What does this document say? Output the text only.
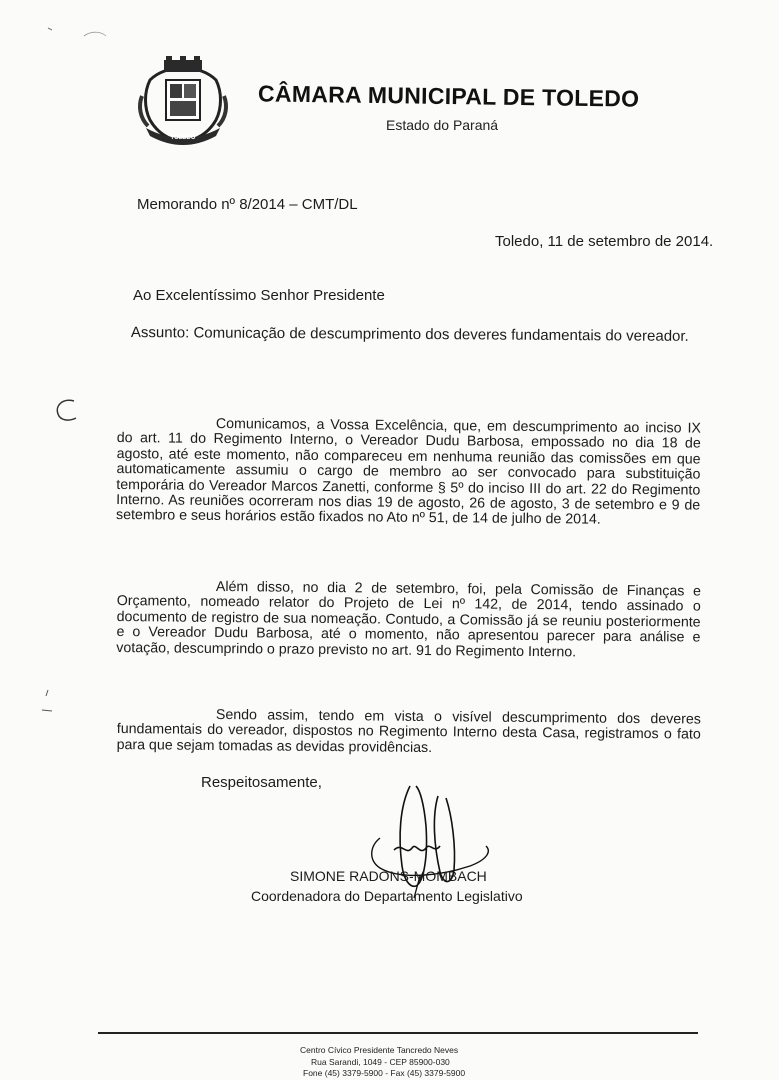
TOLEDO
CÂMARA MUNICIPAL DE TOLEDO
Estado do Paraná
Memorando nº 8/2014 – CMT/DL
Toledo, 11 de setembro de 2014.
Ao Excelentíssimo Senhor Presidente
Assunto: Comunicação de descumprimento dos deveres fundamentais do vereador.

Comunicamos, a Vossa Excelência, que, em descumprimento ao inciso IX do art. 11 do Regimento Interno, o Vereador Dudu Barbosa, empossado no dia 18 de agosto, até este momento, não compareceu em nenhuma reunião das comissões em que automaticamente assumiu o cargo de membro ao ser convocado para substituição temporária do Vereador Marcos Zanetti, conforme § 5º do inciso III do art. 22 do Regimento Interno. As reuniões ocorreram nos dias 19 de agosto, 26 de agosto, 3 de setembro e 9 de setembro e seus horários estão fixados no Ato nº 51, de 14 de julho de 2014.

Além disso, no dia 2 de setembro, foi, pela Comissão de Finanças e Orçamento, nomeado relator do Projeto de Lei nº 142, de 2014, tendo assinado o documento de registro de sua nomeação. Contudo, a Comissão já se reuniu posteriormente e o Vereador Dudu Barbosa, até o momento, não apresentou parecer para análise e votação, descumprindo o prazo previsto no art. 91 do Regimento Interno.

Sendo assim, tendo em vista o visível descumprimento dos deveres fundamentais do vereador, dispostos no Regimento Interno desta Casa, registramos o fato para que sejam tomadas as devidas providências.

Respeitosamente,
SIMONE RADONS-MOMBACH
Coordenadora do Departamento Legislativo
Centro Cívico Presidente Tancredo Neves
Rua Sarandi, 1049 - CEP 85900-030
Fone (45) 3379-5900 - Fax (45) 3379-5900
